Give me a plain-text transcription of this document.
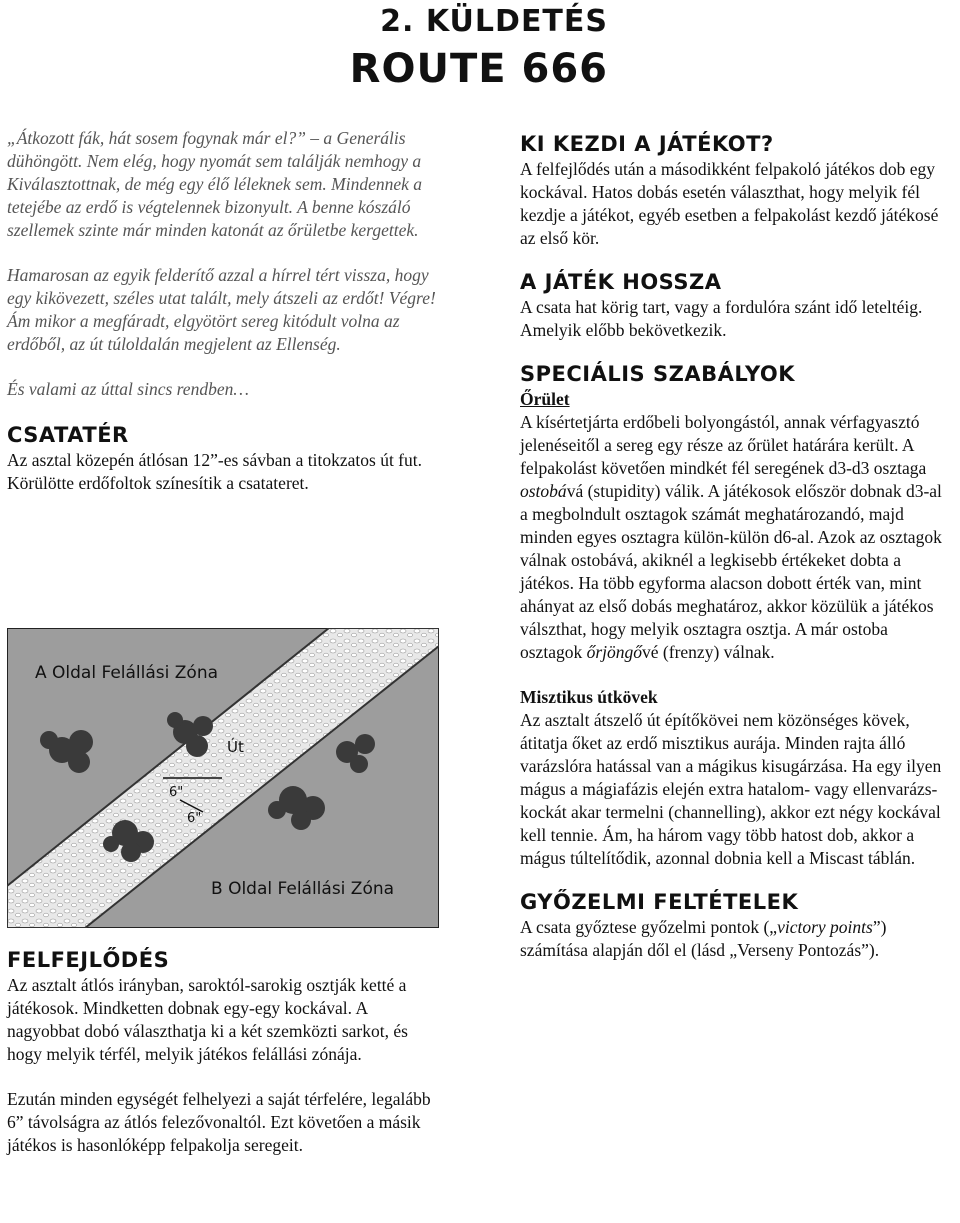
2. KÜLDETÉS
ROUTE 666

„Átkozott fák, hát sosem fogynak már el?” – a Generális dühöngött. Nem elég, hogy nyomát sem találják nemhogy a Kiválasztottnak, de még egy élő léleknek sem. Mindennek a tetejébe az erdő is végtelennek bizonyult. A benne kószáló szellemek szinte már minden katonát az őrületbe kergettek.

Hamarosan az egyik felderítő azzal a hírrel tért vissza, hogy egy kikövezett, széles utat talált, mely átszeli az erdőt! Végre! Ám mikor a megfáradt, elgyötört sereg kitódult volna az erdőből, az út túloldalán megjelent az Ellenség.

És valami az úttal sincs rendben…

CSATATÉR

Az asztal közepén átlósan 12”-es sávban a titokzatos út fut. Körülötte erdőfoltok színesítik a csatateret.

6"
6"
Út
A Oldal Felállási Zóna
B Oldal Felállási Zóna
FELFEJLŐDÉS

Az asztalt átlós irányban, saroktól-sarokig osztják ketté a játékosok. Mindketten dobnak egy-egy kockával. A nagyobbat dobó választhatja ki a két szemközti sarkot, és hogy melyik térfél, melyik játékos felállási zónája.

Ezután minden egységét felhelyezi a saját térfelére, legalább 6” távolságra az átlós felezővonaltól. Ezt követően a másik játékos is hasonlóképp felpakolja seregeit.

KI KEZDI A JÁTÉKOT?

A felfejlődés után a másodikként felpakoló játékos dob egy kockával. Hatos dobás esetén választhat, hogy melyik fél kezdje a játékot, egyéb esetben a felpakolást kezdő játékosé az első kör.

A JÁTÉK HOSSZA

A csata hat körig tart, vagy a fordulóra szánt idő leteltéig. Amelyik előbb bekövetkezik.

SPECIÁLIS SZABÁLYOK
Őrület

A kísértetjárta erdőbeli bolyongástól, annak vérfagyasztó jelenéseitől a sereg egy része az őrület határára került. A felpakolást követően mindkét fél seregének d3-d3 osztaga ostobává (stupidity) válik. A játékosok először dobnak d3-al a megbolndult osztagok számát meghatározandó, majd minden egyes osztagra külön-külön d6-al. Azok az osztagok válnak ostobává, akiknél a legkisebb értékeket dobta a játékos. Ha több egyforma alacson dobott érték van, mint ahányat az első dobás meghatároz, akkor közülük a játékos válszthat, hogy melyik osztagra osztja. A már ostoba osztagok őrjöngővé (frenzy) válnak.

Misztikus útkövek

Az asztalt átszelő út építőkövei nem közönséges kövek, átitatja őket az erdő misztikus aurája. Minden rajta álló varázslóra hatással van a mágikus kisugárzása. Ha egy ilyen mágus a mágiafázis elején extra hatalom- vagy ellenvarázs-kockát akar termelni (channelling), akkor ezt négy kockával kell tennie. Ám, ha három vagy több hatost dob, akkor a mágus túltelítődik, azonnal dobnia kell a Miscast táblán.

GYŐZELMI FELTÉTELEK

A csata győztese győzelmi pontok („victory points”) számítása alapján dől el (lásd „Verseny Pontozás”).
